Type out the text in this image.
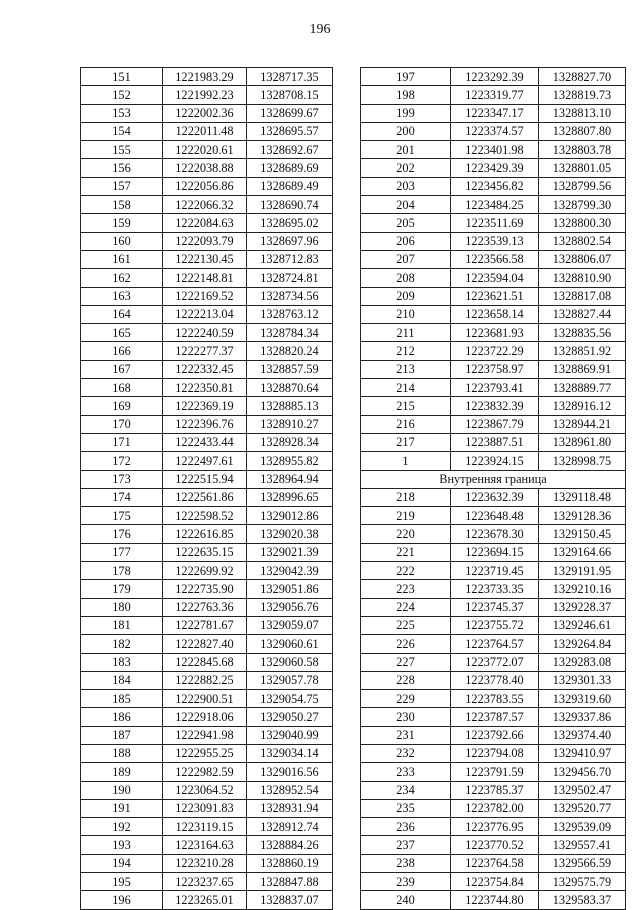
196
151	1221983.29	1328717.35
152	1221992.23	1328708.15
153	1222002.36	1328699.67
154	1222011.48	1328695.57
155	1222020.61	1328692.67
156	1222038.88	1328689.69
157	1222056.86	1328689.49
158	1222066.32	1328690.74
159	1222084.63	1328695.02
160	1222093.79	1328697.96
161	1222130.45	1328712.83
162	1222148.81	1328724.81
163	1222169.52	1328734.56
164	1222213.04	1328763.12
165	1222240.59	1328784.34
166	1222277.37	1328820.24
167	1222332.45	1328857.59
168	1222350.81	1328870.64
169	1222369.19	1328885.13
170	1222396.76	1328910.27
171	1222433.44	1328928.34
172	1222497.61	1328955.82
173	1222515.94	1328964.94
174	1222561.86	1328996.65
175	1222598.52	1329012.86
176	1222616.85	1329020.38
177	1222635.15	1329021.39
178	1222699.92	1329042.39
179	1222735.90	1329051.86
180	1222763.36	1329056.76
181	1222781.67	1329059.07
182	1222827.40	1329060.61
183	1222845.68	1329060.58
184	1222882.25	1329057.78
185	1222900.51	1329054.75
186	1222918.06	1329050.27
187	1222941.98	1329040.99
188	1222955.25	1329034.14
189	1222982.59	1329016.56
190	1223064.52	1328952.54
191	1223091.83	1328931.94
192	1223119.15	1328912.74
193	1223164.63	1328884.26
194	1223210.28	1328860.19
195	1223237.65	1328847.88
196	1223265.01	1328837.07
197	1223292.39	1328827.70
198	1223319.77	1328819.73
199	1223347.17	1328813.10
200	1223374.57	1328807.80
201	1223401.98	1328803.78
202	1223429.39	1328801.05
203	1223456.82	1328799.56
204	1223484.25	1328799.30
205	1223511.69	1328800.30
206	1223539.13	1328802.54
207	1223566.58	1328806.07
208	1223594.04	1328810.90
209	1223621.51	1328817.08
210	1223658.14	1328827.44
211	1223681.93	1328835.56
212	1223722.29	1328851.92
213	1223758.97	1328869.91
214	1223793.41	1328889.77
215	1223832.39	1328916.12
216	1223867.79	1328944.21
217	1223887.51	1328961.80
1	1223924.15	1328998.75
Внутренняя граница		
218	1223632.39	1329118.48
219	1223648.48	1329128.36
220	1223678.30	1329150.45
221	1223694.15	1329164.66
222	1223719.45	1329191.95
223	1223733.35	1329210.16
224	1223745.37	1329228.37
225	1223755.72	1329246.61
226	1223764.57	1329264.84
227	1223772.07	1329283.08
228	1223778.40	1329301.33
229	1223783.55	1329319.60
230	1223787.57	1329337.86
231	1223792.66	1329374.40
232	1223794.08	1329410.97
233	1223791.59	1329456.70
234	1223785.37	1329502.47
235	1223782.00	1329520.77
236	1223776.95	1329539.09
237	1223770.52	1329557.41
238	1223764.58	1329566.59
239	1223754.84	1329575.79
240	1223744.80	1329583.37
